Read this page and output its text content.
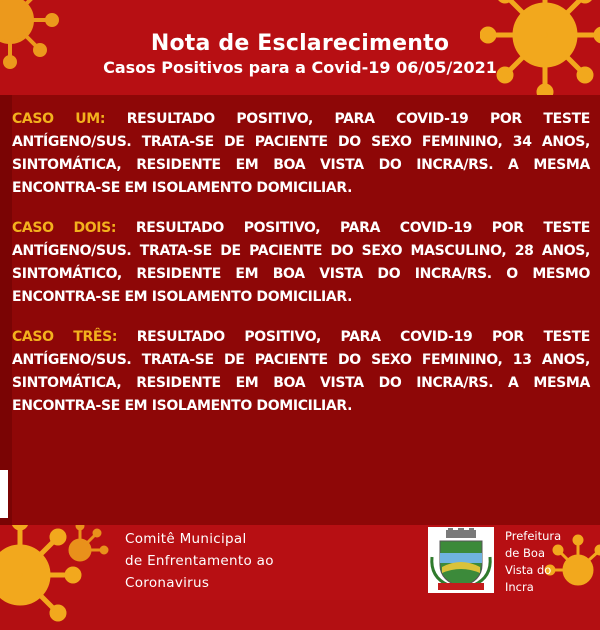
Nota de Esclarecimento
Casos Positivos para a Covid-19 06/05/2021

CASO UM: RESULTADO POSITIVO, PARA COVID-19 POR TESTE ANTÍGENO/SUS. TRATA-SE DE PACIENTE DO SEXO FEMININO, 34 ANOS, SINTOMÁTICA, RESIDENTE EM BOA VISTA DO INCRA/RS. A MESMA ENCONTRA-SE EM ISOLAMENTO DOMICILIAR.

CASO DOIS: RESULTADO POSITIVO, PARA COVID-19 POR TESTE ANTÍGENO/SUS. TRATA-SE DE PACIENTE DO SEXO MASCULINO, 28 ANOS, SINTOMÁTICO, RESIDENTE EM BOA VISTA DO INCRA/RS. O MESMO ENCONTRA-SE EM ISOLAMENTO DOMICILIAR.

CASO TRÊS: RESULTADO POSITIVO, PARA COVID-19 POR TESTE ANTÍGENO/SUS. TRATA-SE DE PACIENTE DO SEXO FEMININO, 13 ANOS, SINTOMÁTICA, RESIDENTE EM BOA VISTA DO INCRA/RS. A MESMA ENCONTRA-SE EM ISOLAMENTO DOMICILIAR.

Comitê Municipal
de Enfrentamento ao
Coronavirus
Prefeitura
de Boa
Vista do
Incra
